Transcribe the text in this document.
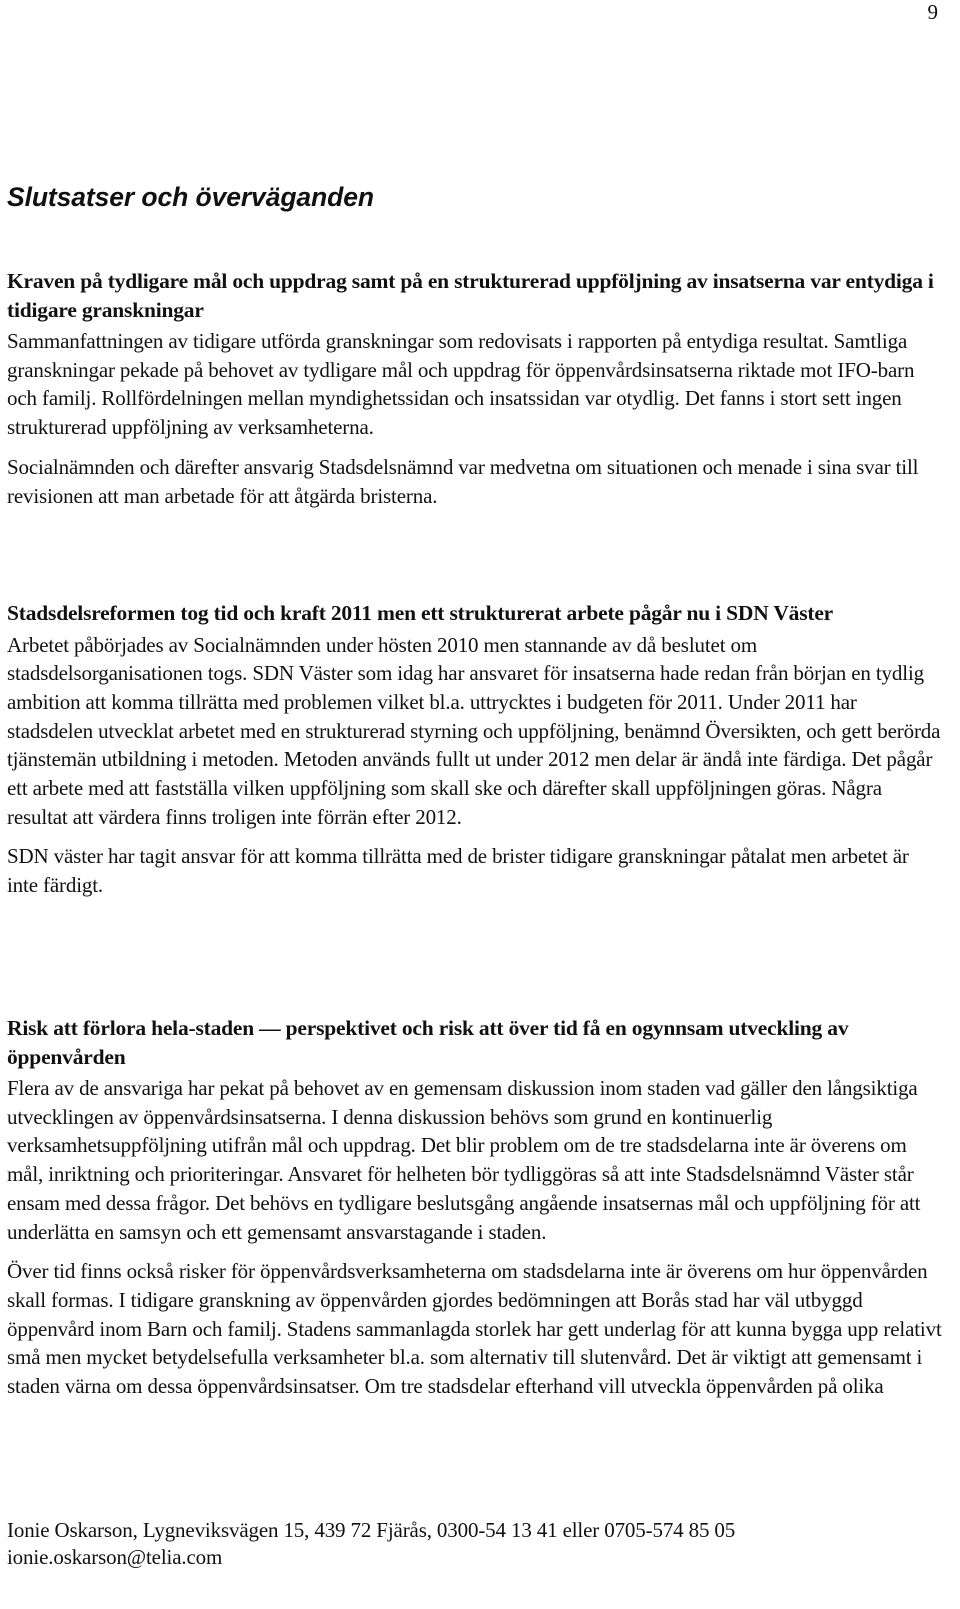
9
Slutsatser och överväganden
Kraven på tydligare mål och uppdrag samt på en strukturerad uppföljning av insatserna var entydiga i tidigare granskningar

Sammanfattningen av tidigare utförda granskningar som redovisats i rapporten på entydiga resultat. Samtliga granskningar pekade på behovet av tydligare mål och uppdrag för öppenvårdsinsatserna riktade mot IFO-barn och familj. Rollfördelningen mellan myndighetssidan och insatssidan var otydlig. Det fanns i stort sett ingen strukturerad uppföljning av verksamheterna.

Socialnämnden och därefter ansvarig Stadsdelsnämnd var medvetna om situationen och menade i sina svar till revisionen att man arbetade för att åtgärda bristerna.

Stadsdelsreformen tog tid och kraft 2011 men ett strukturerat arbete pågår nu i SDN Väster

Arbetet påbörjades av Socialnämnden under hösten 2010 men stannande av då beslutet om stadsdelsorganisationen togs. SDN Väster som idag har ansvaret för insatserna hade redan från början en tydlig ambition att komma tillrätta med problemen vilket bl.a. uttrycktes i budgeten för 2011. Under 2011 har stadsdelen utvecklat arbetet med en strukturerad styrning och uppföljning, benämnd Översikten, och gett berörda tjänstemän utbildning i metoden. Metoden används fullt ut under 2012 men delar är ändå inte färdiga. Det pågår ett arbete med att fastställa vilken uppföljning som skall ske och därefter skall uppföljningen göras. Några resultat att värdera finns troligen inte förrän efter 2012.

SDN väster har tagit ansvar för att komma tillrätta med de brister tidigare granskningar påtalat men arbetet är inte färdigt.

Risk att förlora hela-staden — perspektivet och risk att över tid få en ogynnsam utveckling av öppenvården

Flera av de ansvariga har pekat på behovet av en gemensam diskussion inom staden vad gäller den långsiktiga utvecklingen av öppenvårdsinsatserna. I denna diskussion behövs som grund en kontinuerlig verksamhetsuppföljning utifrån mål och uppdrag. Det blir problem om de tre stadsdelarna inte är överens om mål, inriktning och prioriteringar. Ansvaret för helheten bör tydliggöras så att inte Stadsdelsnämnd Väster står ensam med dessa frågor. Det behövs en tydligare beslutsgång angående insatsernas mål och uppföljning för att underlätta en samsyn och ett gemensamt ansvarstagande i staden.

Över tid finns också risker för öppenvårdsverksamheterna om stadsdelarna inte är överens om hur öppenvården skall formas. I tidigare granskning av öppenvården gjordes bedömningen att Borås stad har väl utbyggd öppenvård inom Barn och familj. Stadens sammanlagda storlek har gett underlag för att kunna bygga upp relativt små men mycket betydelsefulla verksamheter bl.a. som alternativ till slutenvård. Det är viktigt att gemensamt i staden värna om dessa öppenvårdsinsatser. Om tre stadsdelar efterhand vill utveckla öppenvården på olika

Ionie Oskarson, Lygneviksvägen 15, 439 72 Fjärås, 0300-54 13 41 eller 0705-574 85 05
ionie.oskarson@telia.com
